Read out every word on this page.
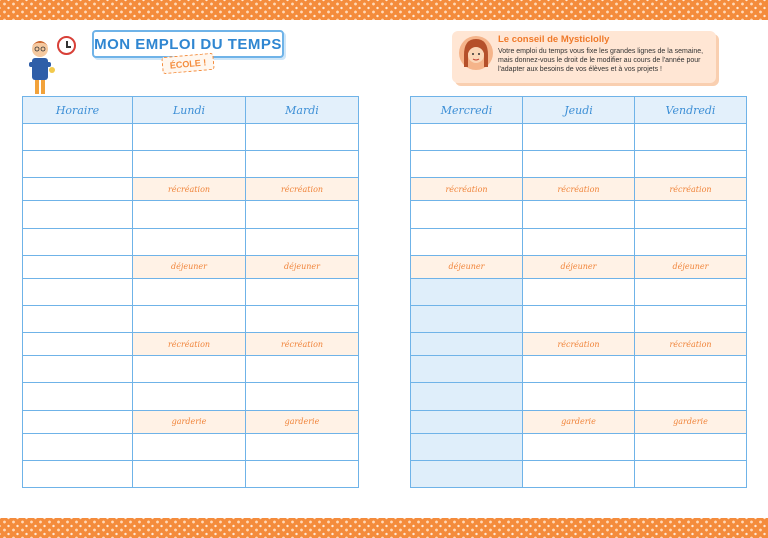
MON EMPLOI DU TEMPS
ÉCOLE !
Le conseil de Mysticlolly
Votre emploi du temps vous fixe les grandes lignes de la semaine, mais donnez-vous le droit de le modifier au cours de l'année pour l'adapter aux besoins de vos élèves et à vos projets !
Horaire	Lundi	Mardi

	récréation	récréation

	déjeuner	déjeuner

	récréation	récréation

	garderie	garderie

Mercredi	Jeudi	Vendredi

récréation	récréation	récréation

déjeuner	déjeuner	déjeuner

	récréation	récréation

	garderie	garderie
